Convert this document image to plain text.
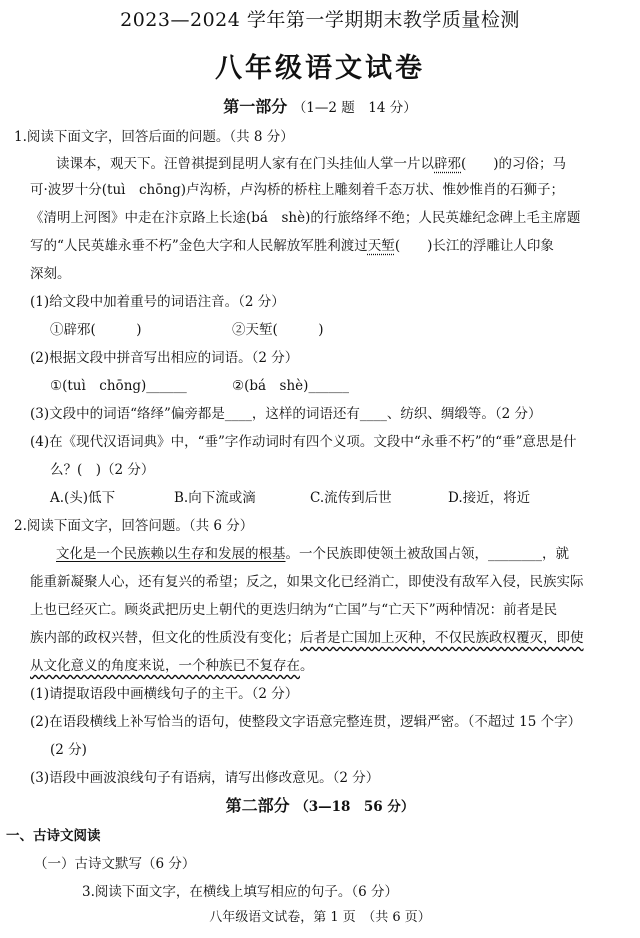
2023—2024 学年第一学期期末教学质量检测
八年级语文试卷
第一部分 （1—2 题　14 分）
1.阅读下面文字，回答后面的问题。（共 8 分）
读课本，观天下。汪曾祺提到昆明人家有在门头挂仙人掌一片以辟邪(　　)的习俗；马
可·波罗十分(tuì　chōng)卢沟桥，卢沟桥的桥柱上雕刻着千态万状、惟妙惟肖的石狮子；
《清明上河图》中走在汴京路上长途(bá　shè)的行旅络绎不绝；人民英雄纪念碑上毛主席题
写的“人民英雄永垂不朽”金色大字和人民解放军胜利渡过天堑(　　)长江的浮雕让人印象
深刻。
(1)给文段中加着重号的词语注音。（2 分）
①辟邪(　　　)	②天堑(　　　)
(2)根据文段中拼音写出相应的词语。（2 分）
①(tuì　chōng)______	②(bá　shè)______
(3)文段中的词语“络绎”偏旁都是____，这样的词语还有____、纺织、绸缎等。（2 分）
(4)在《现代汉语词典》中，“垂”字作动词时有四个义项。文段中“永垂不朽”的“垂”意思是什
么？(　)（2 分）
A.(头)低下	B.向下流或滴	C.流传到后世	D.接近，将近
2.阅读下面文字，回答问题。（共 6 分）
文化是一个民族赖以生存和发展的根基。一个民族即使领土被敌国占领，________，就
能重新凝聚人心，还有复兴的希望；反之，如果文化已经消亡，即使没有敌军入侵，民族实际
上也已经灭亡。顾炎武把历史上朝代的更迭归纳为“亡国”与“亡天下”两种情况：前者是民
族内部的政权兴替，但文化的性质没有变化；后者是亡国加上灭种，不仅民族政权覆灭，即使
从文化意义的角度来说，一个种族已不复存在。
(1)请提取语段中画横线句子的主干。（2 分）
(2)在语段横线上补写恰当的语句，使整段文字语意完整连贯，逻辑严密。（不超过 15 个字）
(2 分)
(3)语段中画波浪线句子有语病，请写出修改意见。（2 分）
第二部分 （3—18　56 分）
一、古诗文阅读
（一）古诗文默写（6 分）
3.阅读下面文字，在横线上填写相应的句子。（6 分）
八年级语文试卷，第 1 页　（共 6 页）
